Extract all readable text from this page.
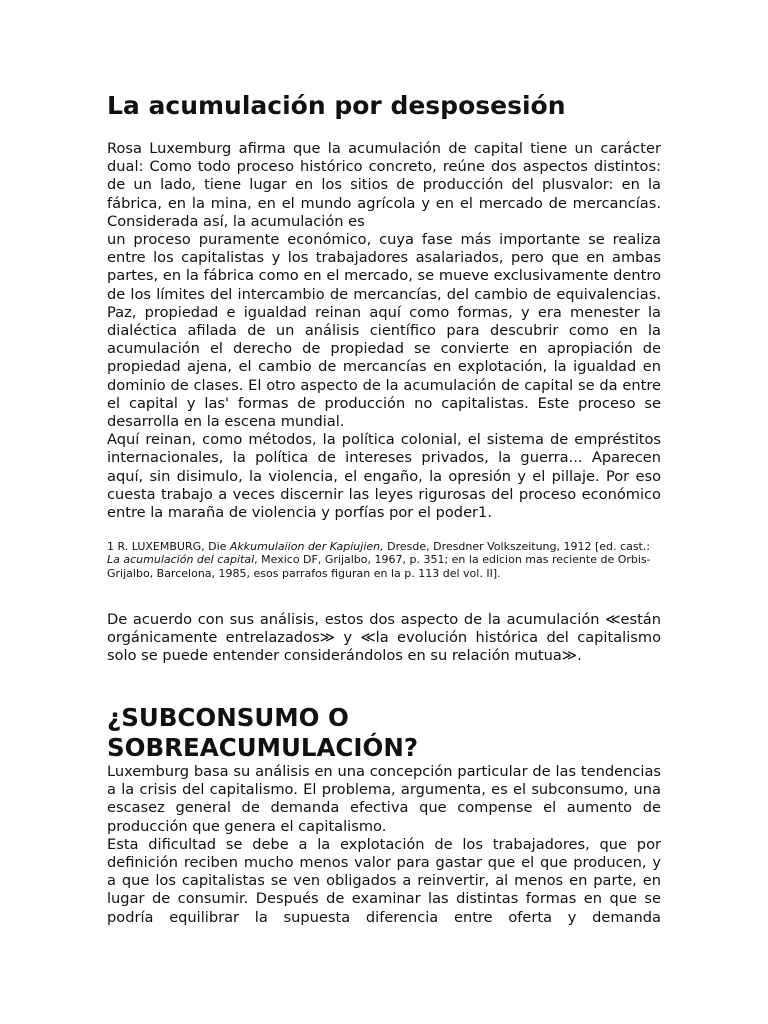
La acumulación por desposesión

Rosa Luxemburg afirma que la acumulación de capital tiene un carácter dual: Como todo proceso histórico concreto, reúne dos aspectos distintos: de un lado, tiene lugar en los sitios de producción del plusvalor: en la fábrica, en la mina, en el mundo agrícola y en el mercado de mercancías. Considerada así, la acumulación es
un proceso puramente económico, cuya fase más importante se realiza entre los capitalistas y los trabajadores asalariados, pero que en ambas partes, en la fábrica como en el mercado, se mueve exclusivamente dentro de los límites del intercambio de mercancías, del cambio de equivalencias. Paz, propiedad e igualdad reinan aquí como formas, y era menester la dialéctica afilada de un análisis científico para descubrir como en la acumulación el derecho de propiedad se convierte en apropiación de propiedad ajena, el cambio de mercancías en explotación, la igualdad en dominio de clases. El otro aspecto de la acumulación de capital se da entre el capital y las' formas de producción no capitalistas. Este proceso se desarrolla en la escena mundial.
Aquí reinan, como métodos, la política colonial, el sistema de empréstitos internacionales, la política de intereses privados, la guerra... Aparecen aquí, sin disimulo, la violencia, el engaño, la opresión y el pillaje. Por eso cuesta trabajo a veces discernir las leyes rigurosas del proceso económico entre la maraña de violencia y porfías por el poder1.

1 R. LUXEMBURG, Die Akkumulaiion der Kapiujien, Dresde, Dresdner Volkszeitung, 1912 [ed. cast.:
La acumulación del capital, Mexico DF, Grijalbo, 1967, p. 351; en la edicion mas reciente de Orbis- Grijalbo, Barcelona, 1985, esos parrafos figuran en la p. 113 del vol. II].

De acuerdo con sus análisis, estos dos aspecto de la acumulación ≪están orgánicamente entrelazados≫ y ≪la evolución histórica del capitalismo solo se puede entender considerándolos en su relación mutua≫.

¿SUBCONSUMO O SOBREACUMULACIÓN?

Luxemburg basa su análisis en una concepción particular de las tendencias a la crisis del capitalismo. El problema, argumenta, es el subconsumo, una escasez general de demanda efectiva que compense el aumento de producción que genera el capitalismo.
Esta dificultad se debe a la explotación de los trabajadores, que por definición reciben mucho menos valor para gastar que el que producen, y a que los capitalistas se ven obligados a reinvertir, al menos en parte, en lugar de consumir. Después de examinar las distintas formas en que se podría equilibrar la supuesta diferencia entre oferta y demanda
